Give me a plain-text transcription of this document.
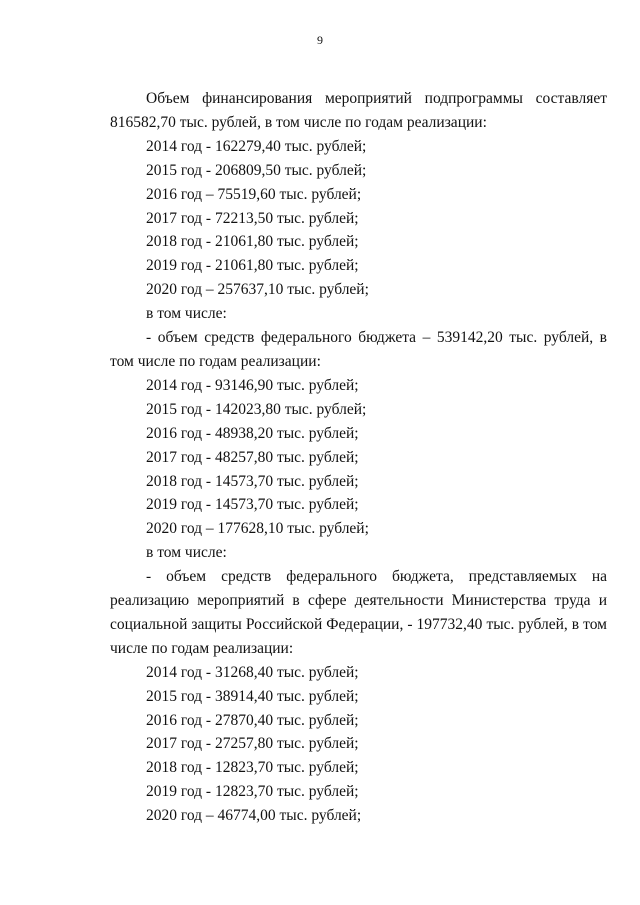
9

Объем финансирования мероприятий подпрограммы составляет 816582,70 тыс. рублей, в том числе по годам реализации:

2014 год - 162279,40 тыс. рублей;

2015 год - 206809,50 тыс. рублей;

2016 год – 75519,60 тыс. рублей;

2017 год - 72213,50 тыс. рублей;

2018 год - 21061,80 тыс. рублей;

2019 год - 21061,80 тыс. рублей;

2020 год – 257637,10 тыс. рублей;

в том числе:

- объем средств федерального бюджета – 539142,20 тыс. рублей, в том числе по годам реализации:

2014 год - 93146,90 тыс. рублей;

2015 год - 142023,80 тыс. рублей;

2016 год - 48938,20 тыс. рублей;

2017 год - 48257,80 тыс. рублей;

2018 год - 14573,70 тыс. рублей;

2019 год - 14573,70 тыс. рублей;

2020 год – 177628,10 тыс. рублей;

в том числе:

- объем средств федерального бюджета, представляемых на реализацию мероприятий в сфере деятельности Министерства труда и социальной защиты Российской Федерации, - 197732,40 тыс. рублей, в том числе по годам реализации:

2014 год - 31268,40 тыс. рублей;

2015 год - 38914,40 тыс. рублей;

2016 год - 27870,40 тыс. рублей;

2017 год - 27257,80 тыс. рублей;

2018 год - 12823,70 тыс. рублей;

2019 год - 12823,70 тыс. рублей;

2020 год – 46774,00 тыс. рублей;
